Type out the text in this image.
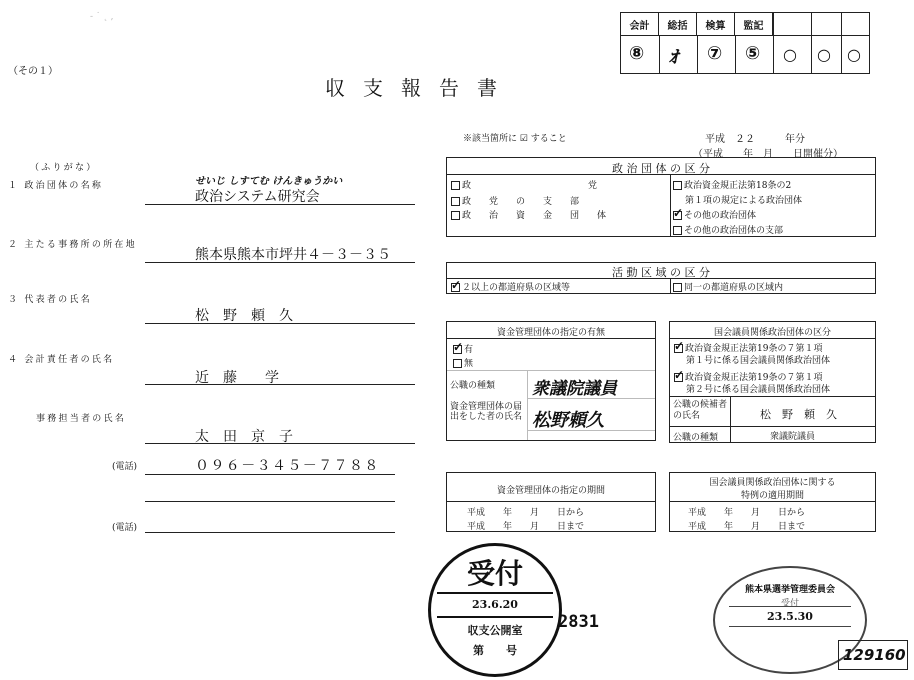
- ˙ ˛ ,
会計	総括	検算	監記
⑧ ｵ ⑦ ⑤ ○ ○ ○
（その１）
収支報告書
※該当箇所に ☑ すること	平成　２２　　　年分
（平成　　年　月　　日開催分）
（ふりがな）
せいじ しすてむ けんきゅうかい
１ 政治団体の名称
政治システム研究会
２ 主たる事務所の所在地
熊本県熊本市坪井４－３－３５
３ 代表者の氏名
松　野　頼　久
４ 会計責任者の氏名
近　藤　　学
事務担当者の氏名
太　田　京　子
(電話)	０９６－３４５－７７８８
(電話)
政 治 団 体 の 区 分
政　　　　　　　　　　　　　党
政　　党　　の　　支　　部
政　　治　　資　　金　　団　　体
政治資金規正法第18条の2
第１項の規定による政治団体
✓その他の政治団体
その他の政治団体の支部
活 動 区 域 の 区 分
✓２以上の都道府県の区域等	同一の都道府県の区域内
資金管理団体の指定の有無
✓有
無
公職の種類 衆議院議員
資金管理団体の届出をした者の氏名 松野頼久
国会議員関係政治団体の区分
✓政治資金規正法第19条の７第１項
第１号に係る国会議員関係政治団体
✓政治資金規正法第19条の７第１項
第２号に係る国会議員関係政治団体
公職の候補者の氏名	松　野　頼　久
公職の種類	衆議院議員
資金管理団体の指定の期間
平成　　年　　月　　日から
平成　　年　　月　　日まで
国会議員関係政治団体に関する
特例の適用期間
平成　　年　　月　　日から
平成　　年　　月　　日まで
受付
23.6.20
収支公開室
第　　号
2831
熊本県選挙管理委員会
受付
23.5.30
129160
